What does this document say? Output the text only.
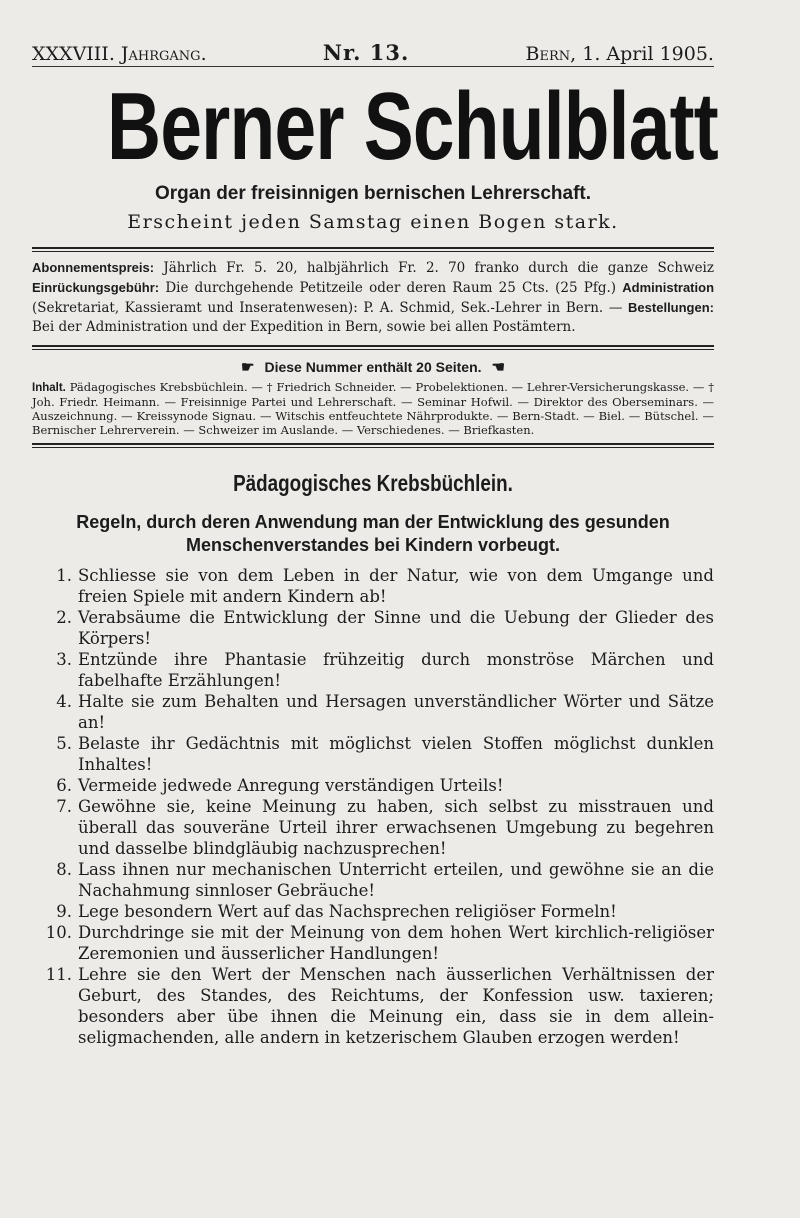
XXXVIII. Jahrgang.	Nr. 13.	Bern, 1. April 1905.
Berner Schulblatt
Organ der freisinnigen bernischen Lehrerschaft.
Erscheint jeden Samstag einen Bogen stark.
Abonnementspreis: Jährlich Fr. 5. 20, halbjährlich Fr. 2. 70 franko durch die ganze Schweiz Einrückungsgebühr: Die durchgehende Petitzeile oder deren Raum 25 Cts. (25 Pfg.) Administration (Sekretariat, Kassieramt und Inseratenwesen): P. A. Schmid, Sek.-Lehrer in Bern. — Bestellungen: Bei der Administration und der Expedition in Bern, sowie bei allen Postämtern.
☛ Diese Nummer enthält 20 Seiten. ☚
Inhalt. Pädagogisches Krebsbüchlein. — † Friedrich Schneider. — Probelektionen. — Lehrer-Versicherungskasse. — † Joh. Friedr. Heimann. — Freisinnige Partei und Lehrerschaft. — Seminar Hofwil. — Direktor des Oberseminars. — Auszeichnung. — Kreissynode Signau. — Witschis entfeuchtete Nährprodukte. — Bern-Stadt. — Biel. — Bütschel. — Bernischer Lehrerverein. — Schweizer im Auslande. — Verschiedenes. — Briefkasten.
Pädagogisches Krebsbüchlein.
Regeln, durch deren Anwendung man der Entwicklung des gesunden Menschenverstandes bei Kindern vorbeugt.
1. Schliesse sie von dem Leben in der Natur, wie von dem Umgange und freien Spiele mit andern Kindern ab!
2. Verabsäume die Entwicklung der Sinne und die Uebung der Glieder des Körpers!
3. Entzünde ihre Phantasie frühzeitig durch monströse Märchen und fabelhafte Erzählungen!
4. Halte sie zum Behalten und Hersagen unverständlicher Wörter und Sätze an!
5. Belaste ihr Gedächtnis mit möglichst vielen Stoffen möglichst dunklen Inhaltes!
6. Vermeide jedwede Anregung verständigen Urteils!
7. Gewöhne sie, keine Meinung zu haben, sich selbst zu misstrauen und überall das souveräne Urteil ihrer erwachsenen Umgebung zu begehren und dasselbe blindgläubig nachzusprechen!
8. Lass ihnen nur mechanischen Unterricht erteilen, und gewöhne sie an die Nachahmung sinnloser Gebräuche!
9. Lege besondern Wert auf das Nachsprechen religiöser Formeln!
10. Durchdringe sie mit der Meinung von dem hohen Wert kirchlich-religiöser Zeremonien und äusserlicher Handlungen!
11. Lehre sie den Wert der Menschen nach äusserlichen Verhältnissen der Geburt, des Standes, des Reichtums, der Konfession usw. taxieren; besonders aber übe ihnen die Meinung ein, dass sie in dem allein-seligmachenden, alle andern in ketzerischem Glauben erzogen werden!
